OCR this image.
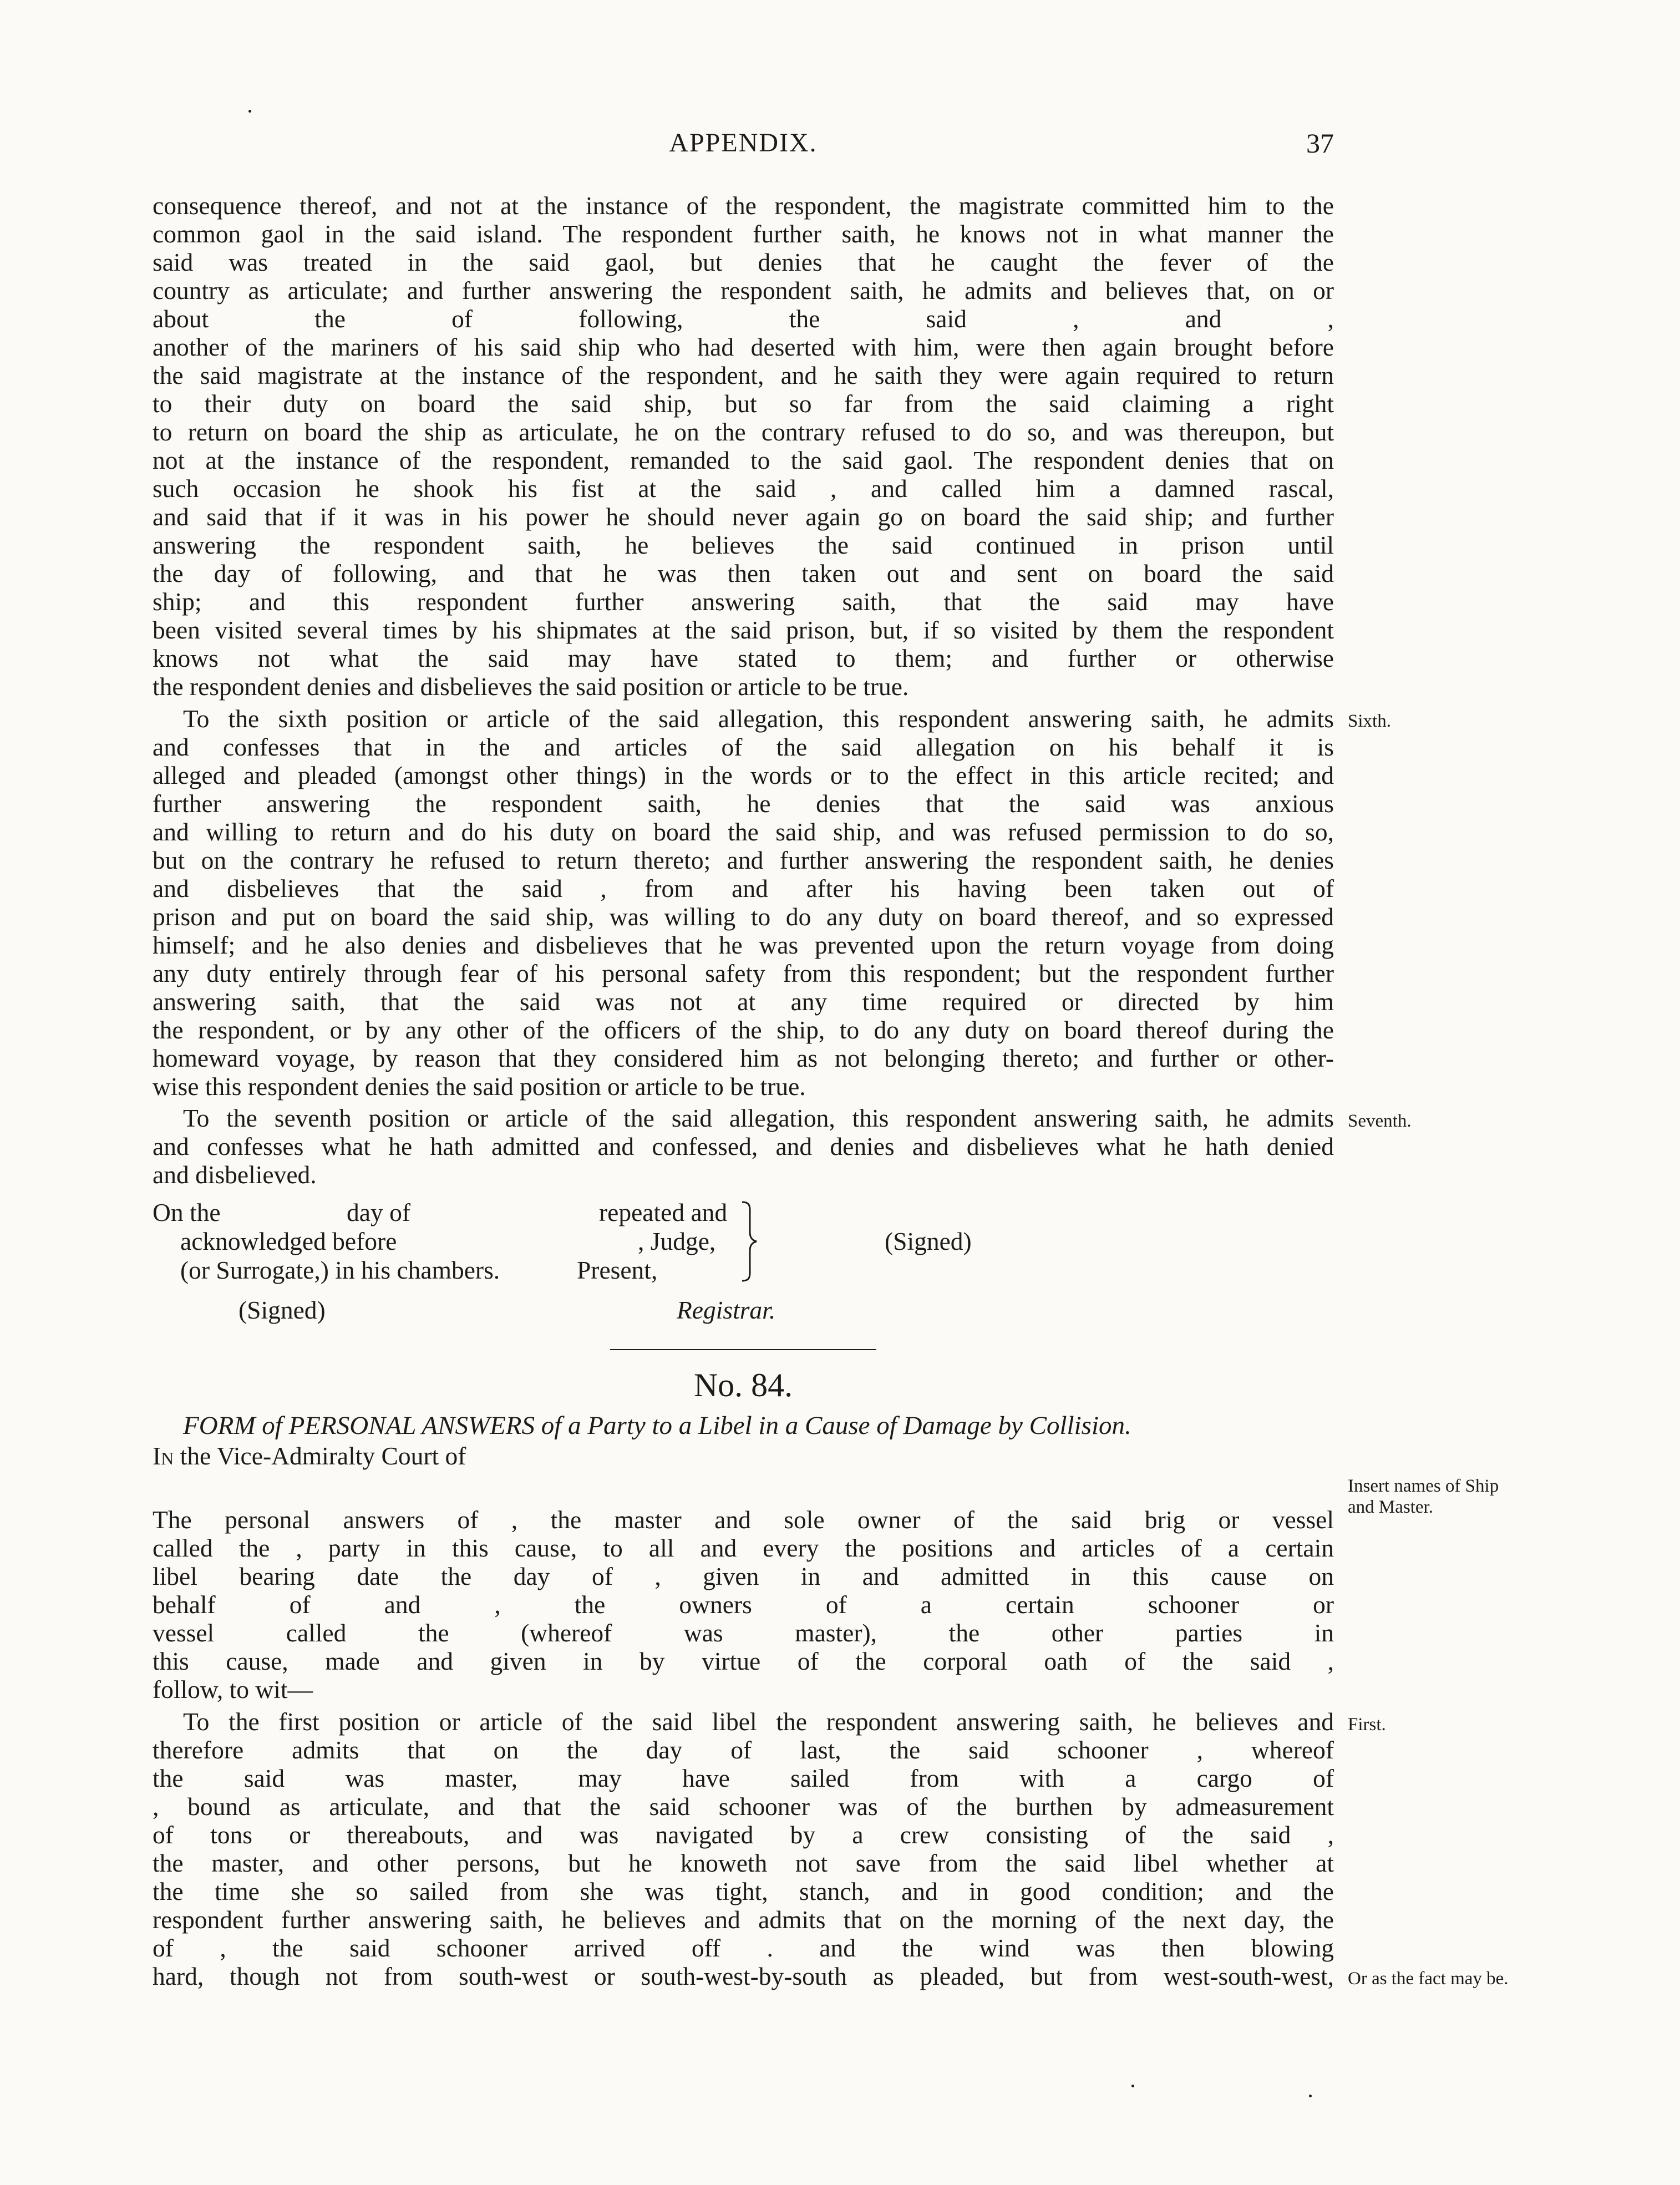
APPENDIX.	37
consequence thereof, and not at the instance of the respondent, the magistrate committed him to the
common gaol in the said island. The respondent further saith, he knows not in what manner the
said was treated in the said gaol, but denies that he caught the fever of the
country as articulate; and further answering the respondent saith, he admits and believes that, on or
about the of following, the said , and ,
another of the mariners of his said ship who had deserted with him, were then again brought before
the said magistrate at the instance of the respondent, and he saith they were again required to return
to their duty on board the said ship, but so far from the said claiming a right
to return on board the ship as articulate, he on the contrary refused to do so, and was thereupon, but
not at the instance of the respondent, remanded to the said gaol. The respondent denies that on
such occasion he shook his fist at the said , and called him a damned rascal,
and said that if it was in his power he should never again go on board the said ship; and further
answering the respondent saith, he believes the said continued in prison until
the day of following, and that he was then taken out and sent on board the said
ship; and this respondent further answering saith, that the said may have
been visited several times by his shipmates at the said prison, but, if so visited by them the respondent
knows not what the said may have stated to them; and further or otherwise
the respondent denies and disbelieves the said position or article to be true.
To the sixth position or article of the said allegation, this respondent answering saith, he admits
and confesses that in the and articles of the said allegation on his behalf it is
alleged and pleaded (amongst other things) in the words or to the effect in this article recited; and
further answering the respondent saith, he denies that the said was anxious
and willing to return and do his duty on board the said ship, and was refused permission to do so,
but on the contrary he refused to return thereto; and further answering the respondent saith, he denies
and disbelieves that the said , from and after his having been taken out of
prison and put on board the said ship, was willing to do any duty on board thereof, and so expressed
himself; and he also denies and disbelieves that he was prevented upon the return voyage from doing
any duty entirely through fear of his personal safety from this respondent; but the respondent further
answering saith, that the said was not at any time required or directed by him
the respondent, or by any other of the officers of the ship, to do any duty on board thereof during the
homeward voyage, by reason that they considered him as not belonging thereto; and further or other-
wise this respondent denies the said position or article to be true.
To the seventh position or article of the said allegation, this respondent answering saith, he admits
and confesses what he hath admitted and confessed, and denies and disbelieves what he hath denied
and disbelieved.
On the	day of	repeated and
acknowledged before	, Judge,
(or Surrogate,) in his chambers.	Present,
(Signed)
(Signed)	Registrar.
No. 84.
FORM of PERSONAL ANSWERS of a Party to a Libel in a Cause of Damage by Collision.
In the Vice-Admiralty Court of
The personal answers of , the master and sole owner of the said brig or vessel
called the , party in this cause, to all and every the positions and articles of a certain
libel bearing date the day of , given in and admitted in this cause on
behalf of and , the owners of a certain schooner or
vessel called the (whereof was master), the other parties in
this cause, made and given in by virtue of the corporal oath of the said ,
follow, to wit—
To the first position or article of the said libel the respondent answering saith, he believes and
therefore admits that on the day of last, the said schooner , whereof
the said was master, may have sailed from with a cargo of
, bound as articulate, and that the said schooner was of the burthen by admeasurement
of tons or thereabouts, and was navigated by a crew consisting of the said ,
the master, and other persons, but he knoweth not save from the said libel whether at
the time she so sailed from she was tight, stanch, and in good condition; and the
respondent further answering saith, he believes and admits that on the morning of the next day, the
of , the said schooner arrived off . and the wind was then blowing
hard, though not from south-west or south-west-by-south as pleaded, but from west-south-west,
Sixth.
Seventh.
Insert names of Ship
and Master.
First.
Or as the fact may be.
